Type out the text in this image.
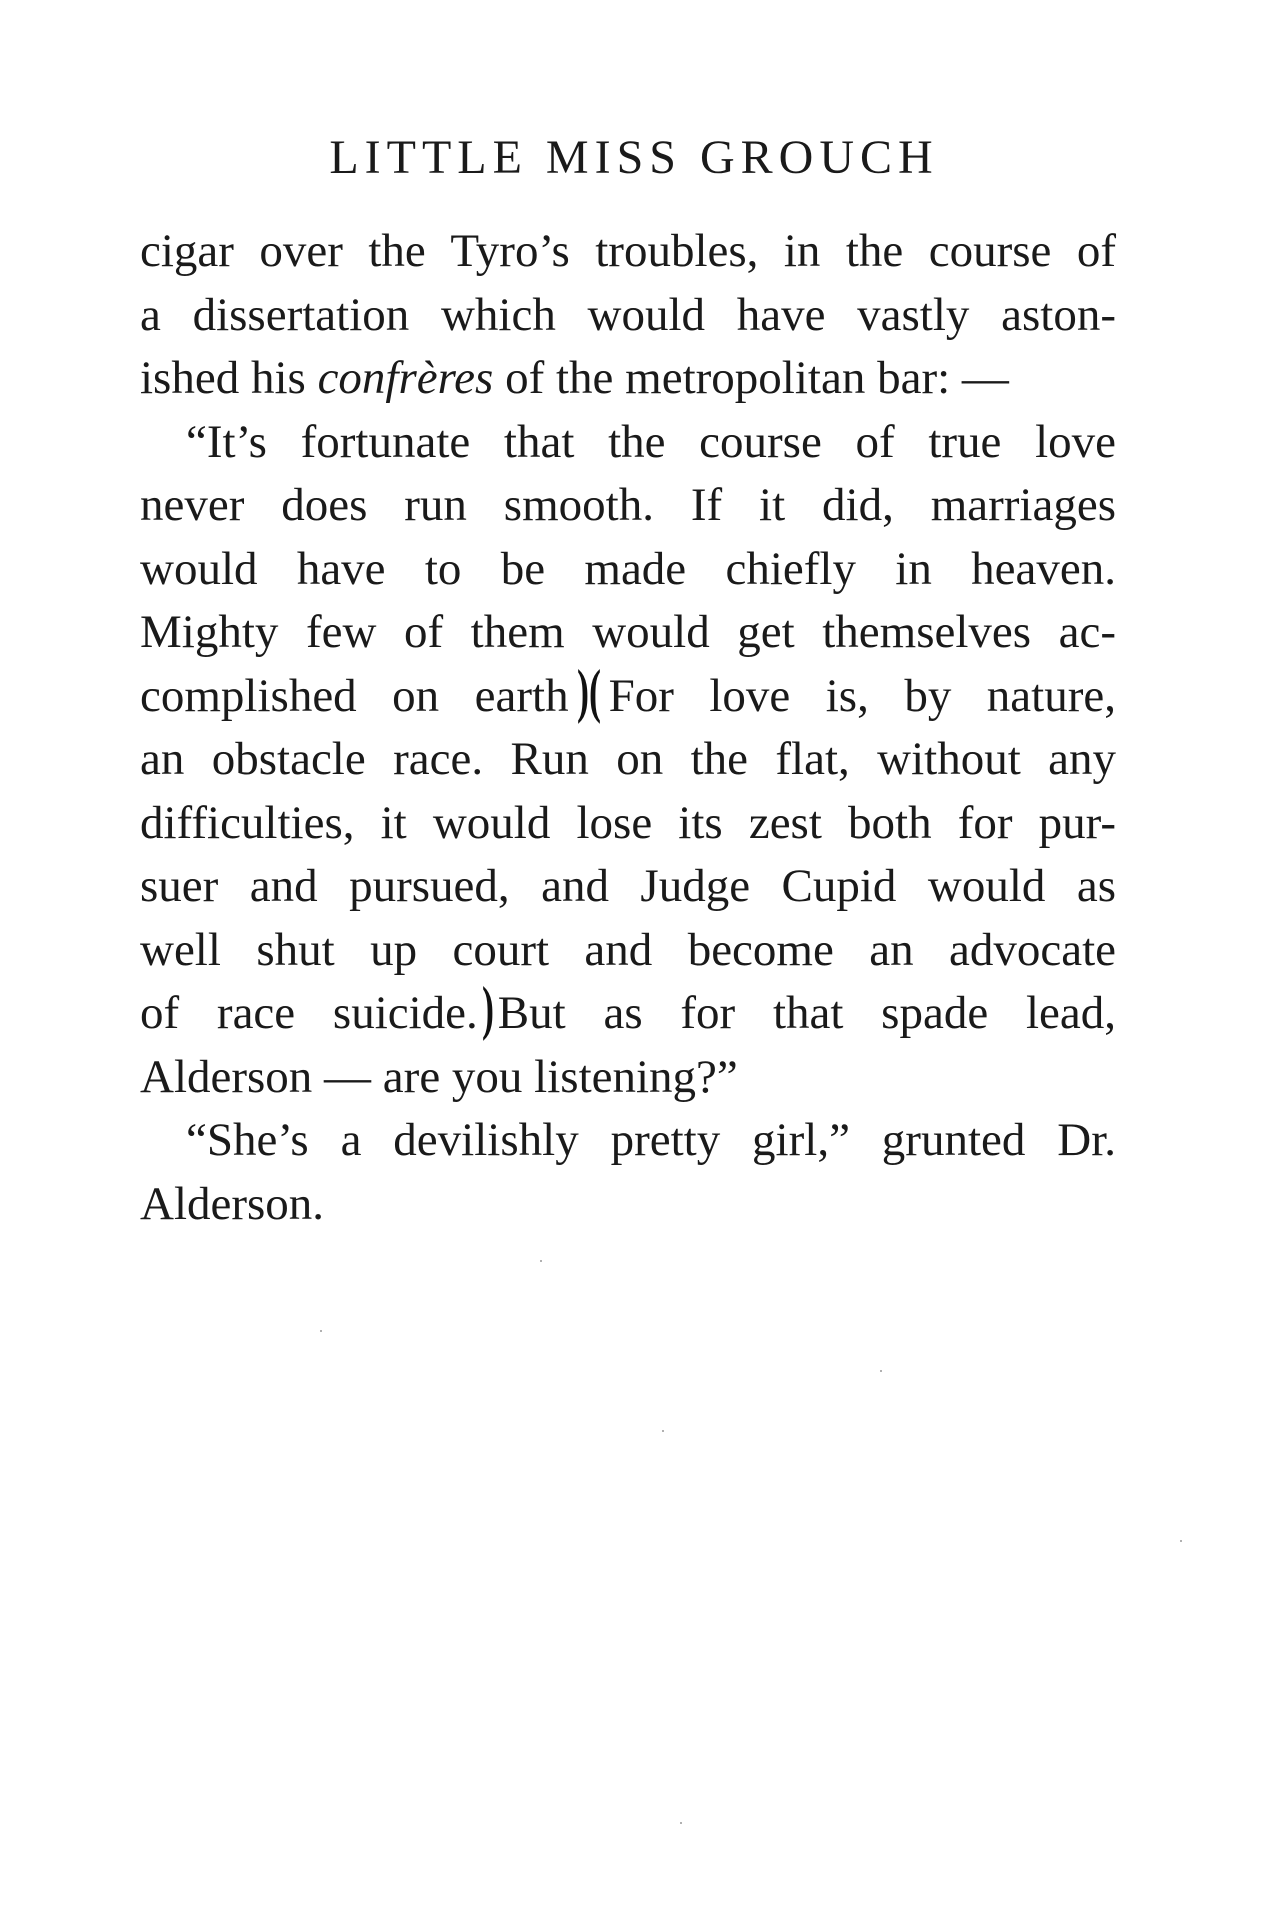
LITTLE MISS GROUCH
cigar over the Tyro’s troubles, in the course of
a dissertation which would have vastly aston-
ished his confrères of the metropolitan bar: —
“It’s fortunate that the course of true love
never does run smooth. If it did, marriages
would have to be made chiefly in heaven.
Mighty few of them would get themselves ac-
complished on earth )( For love is, by nature,
an obstacle race. Run on the flat, without any
difficulties, it would lose its zest both for pur-
suer and pursued, and Judge Cupid would as
well shut up court and become an advocate
of race suicide.)But as for that spade lead,
Alderson — are you listening?”
“She’s a devilishly pretty girl,” grunted Dr.
Alderson.
